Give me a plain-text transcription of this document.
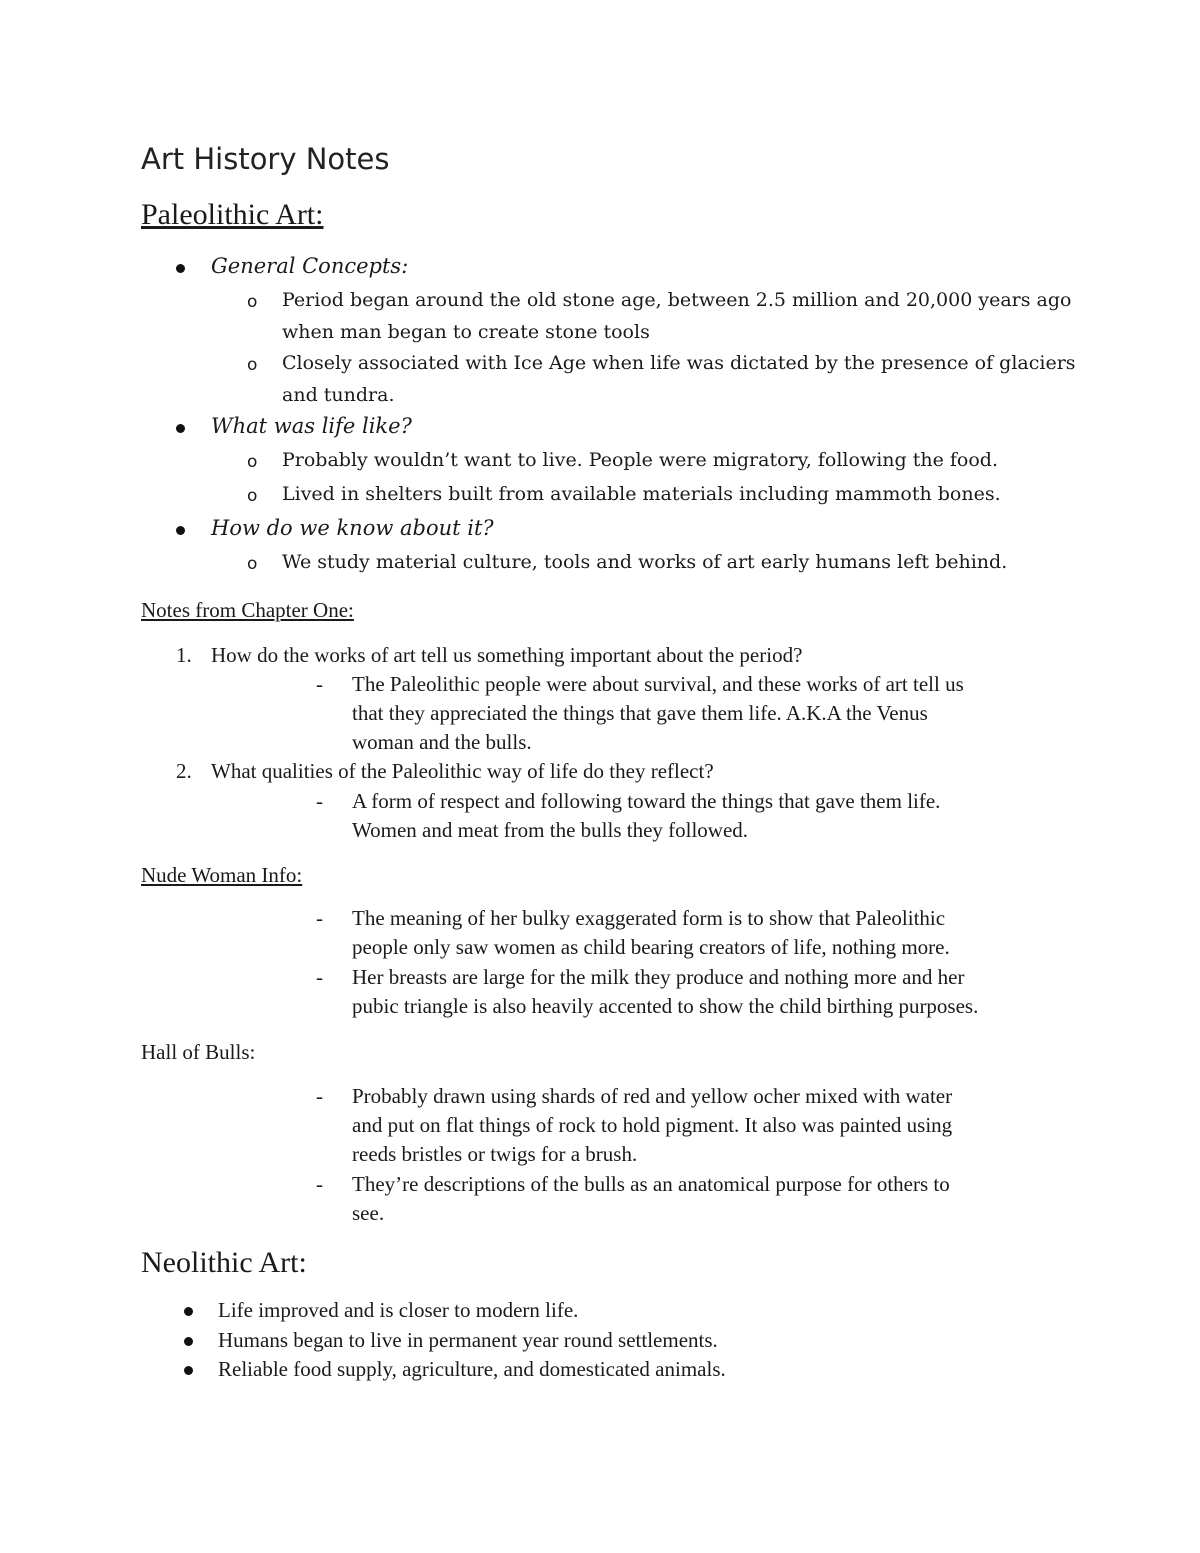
Art History Notes
Paleolithic Art:
General Concepts:
o Period began around the old stone age, between 2.5 million and 20,000 years ago
when man began to create stone tools
o Closely associated with Ice Age when life was dictated by the presence of glaciers
and tundra.
What was life like?
o Probably wouldn’t want to live. People were migratory, following the food.
o Lived in shelters built from available materials including mammoth bones.
How do we know about it?
o We study material culture, tools and works of art early humans left behind.
Notes from Chapter One:
1. How do the works of art tell us something important about the period?
- The Paleolithic people were about survival, and these works of art tell us
that they appreciated the things that gave them life. A.K.A the Venus
woman and the bulls.
2. What qualities of the Paleolithic way of life do they reflect?
- A form of respect and following toward the things that gave them life.
Women and meat from the bulls they followed.
Nude Woman Info:
- The meaning of her bulky exaggerated form is to show that Paleolithic
people only saw women as child bearing creators of life, nothing more.
- Her breasts are large for the milk they produce and nothing more and her
pubic triangle is also heavily accented to show the child birthing purposes.
Hall of Bulls:
- Probably drawn using shards of red and yellow ocher mixed with water
and put on flat things of rock to hold pigment. It also was painted using
reeds bristles or twigs for a brush.
- They’re descriptions of the bulls as an anatomical purpose for others to
see.
Neolithic Art:
Life improved and is closer to modern life.
Humans began to live in permanent year round settlements.
Reliable food supply, agriculture, and domesticated animals.
